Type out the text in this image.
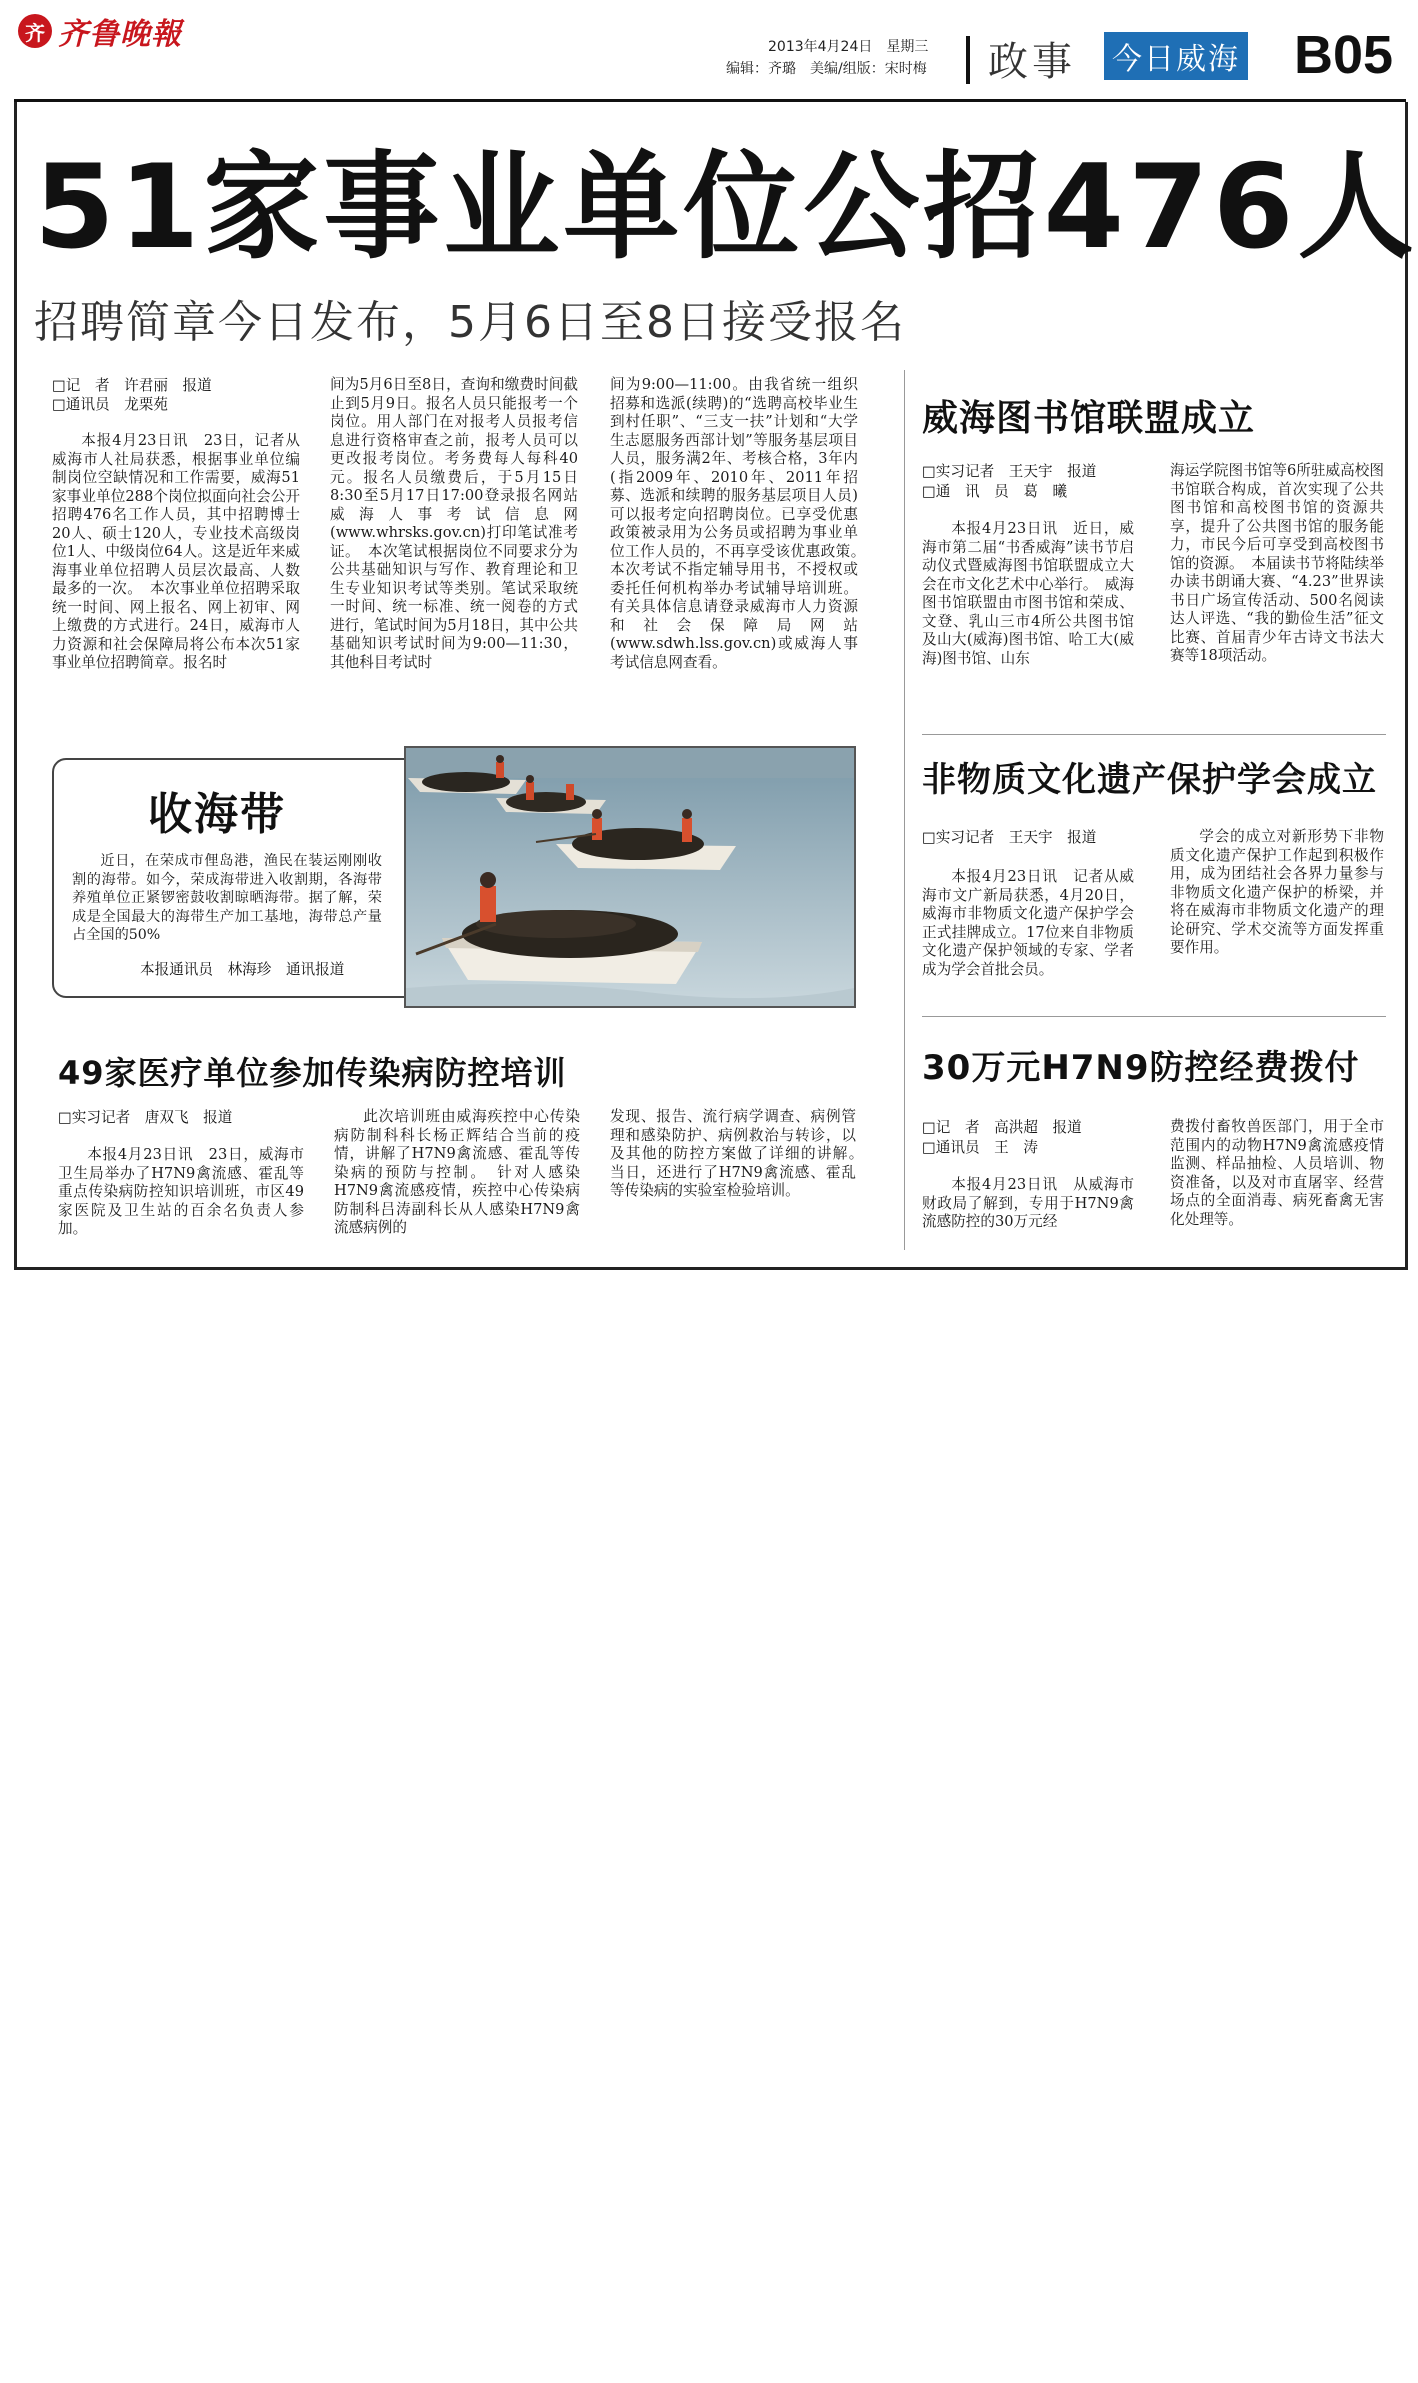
齐 齐鲁晚報	2013年4月24日　星期三
编辑：齐璐　美编/组版：宋时梅 政事 今日威海 B05
51家事业单位公招476人
招聘简章今日发布，5月6日至8日接受报名
□记　者　许君丽　报道
□通讯员　龙栗苑
本报4月23日讯　23日，记者从威海市人社局获悉，根据事业单位编制岗位空缺情况和工作需要，威海51家事业单位288个岗位拟面向社会公开招聘476名工作人员，其中招聘博士20人、硕士120人，专业技术高级岗位1人、中级岗位64人。这是近年来威海事业单位招聘人员层次最高、人数最多的一次。　本次事业单位招聘采取统一时间、网上报名、网上初审、网上缴费的方式进行。24日，威海市人力资源和社会保障局将公布本次51家事业单位招聘简章。报名时
间为5月6日至8日，查询和缴费时间截止到5月9日。报名人员只能报考一个岗位。用人部门在对报考人员报考信息进行资格审查之前，报考人员可以更改报考岗位。考务费每人每科40元。报名人员缴费后，于5月15日8:30至5月17日17:00登录报名网站威海人事考试信息网(www.whrsks.gov.cn)打印笔试准考证。　本次笔试根据岗位不同要求分为公共基础知识与写作、教育理论和卫生专业知识考试等类别。笔试采取统一时间、统一标准、统一阅卷的方式进行，笔试时间为5月18日，其中公共基础知识考试时间为9:00—11:30，其他科目考试时
间为9:00—11:00。由我省统一组织招募和选派(续聘)的“选聘高校毕业生到村任职”、“三支一扶”计划和“大学生志愿服务西部计划”等服务基层项目人员，服务满2年、考核合格，3年内(指2009年、2010年、2011年招募、选派和续聘的服务基层项目人员)可以报考定向招聘岗位。已享受优惠政策被录用为公务员或招聘为事业单位工作人员的，不再享受该优惠政策。　本次考试不指定辅导用书，不授权或委托任何机构举办考试辅导培训班。有关具体信息请登录威海市人力资源和社会保障局网站(www.sdwh.lss.gov.cn)或威海人事考试信息网查看。
收海带
近日，在荣成市俚岛港，渔民在装运刚刚收割的海带。如今，荣成海带进入收割期，各海带养殖单位正紧锣密鼓收割晾晒海带。据了解，荣成是全国最大的海带生产加工基地，海带总产量占全国的50%
本报通讯员　林海珍　通讯报道
49家医疗单位参加传染病防控培训
□实习记者　唐双飞　报道
本报4月23日讯　23日，威海市卫生局举办了H7N9禽流感、霍乱等重点传染病防控知识培训班，市区49家医院及卫生站的百余名负责人参加。
此次培训班由威海疾控中心传染病防制科科长杨正辉结合当前的疫情，讲解了H7N9禽流感、霍乱等传染病的预防与控制。　针对人感染H7N9禽流感疫情，疾控中心传染病防制科吕涛副科长从人感染H7N9禽流感病例的
发现、报告、流行病学调查、病例管理和感染防护、病例救治与转诊，以及其他的防控方案做了详细的讲解。　当日，还进行了H7N9禽流感、霍乱等传染病的实验室检验培训。
威海图书馆联盟成立
□实习记者　王天宇　报道
□通　讯　员　葛　曦
本报4月23日讯　近日，威海市第二届“书香威海”读书节启动仪式暨威海图书馆联盟成立大会在市文化艺术中心举行。　威海图书馆联盟由市图书馆和荣成、文登、乳山三市4所公共图书馆及山大(威海)图书馆、哈工大(威海)图书馆、山东
海运学院图书馆等6所驻威高校图书馆联合构成，首次实现了公共图书馆和高校图书馆的资源共享，提升了公共图书馆的服务能力，市民今后可享受到高校图书馆的资源。　本届读书节将陆续举办读书朗诵大赛、“4.23”世界读书日广场宣传活动、500名阅读达人评选、“我的勤俭生活”征文比赛、首届青少年古诗文书法大赛等18项活动。
非物质文化遗产保护学会成立
□实习记者　王天宇　报道
本报4月23日讯　记者从威海市文广新局获悉，4月20日，威海市非物质文化遗产保护学会正式挂牌成立。17位来自非物质文化遗产保护领域的专家、学者成为学会首批会员。
学会的成立对新形势下非物质文化遗产保护工作起到积极作用，成为团结社会各界力量参与非物质文化遗产保护的桥梁，并将在威海市非物质文化遗产的理论研究、学术交流等方面发挥重要作用。
30万元H7N9防控经费拨付
□记　者　高洪超　报道
□通讯员　王　涛
本报4月23日讯　从威海市财政局了解到，专用于H7N9禽流感防控的30万元经
费拨付畜牧兽医部门，用于全市范围内的动物H7N9禽流感疫情监测、样品抽检、人员培训、物资准备，以及对市直屠宰、经营场点的全面消毒、病死畜禽无害化处理等。
